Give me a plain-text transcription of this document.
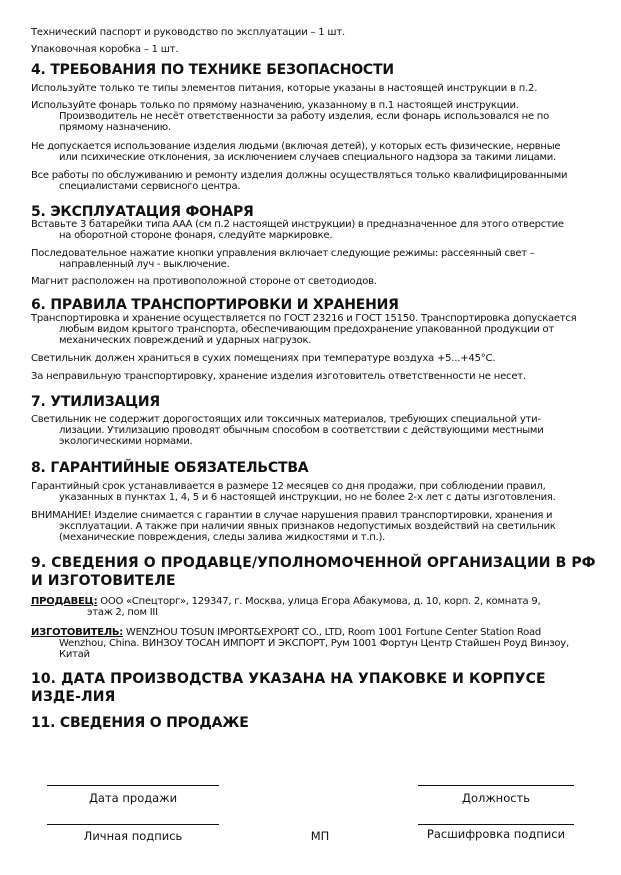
Технический паспорт и руководство по эксплуатации – 1 шт.
Упаковочная коробка – 1 шт.
4. ТРЕБОВАНИЯ ПО ТЕХНИКЕ БЕЗОПАСНОСТИ
Используйте только те типы элементов питания, которые указаны в настоящей инструкции в п.2.
Используйте фонарь только по прямому назначению, указанному в п.1 настоящей инструкции.
Производитель не несёт ответственности за работу изделия, если фонарь использовался не по прямому назначению.
Не допускается использование изделия людьми (включая детей), у которых есть физические, нервные
или психические отклонения, за исключением случаев специального надзора за такими лицами.
Все работы по обслуживанию и ремонту изделия должны осуществляться только квалифицированными
специалистами сервисного центра.
5. ЭКСПЛУАТАЦИЯ ФОНАРЯ
Вставьте 3 батарейки типа ААА (см п.2 настоящей инструкции) в предназначенное для этого отверстие
на оборотной стороне фонаря, следуйте маркировке.
Последовательное нажатие кнопки управления включает следующие режимы: рассеянный свет –
направленный луч - выключение.
Магнит расположен на противоположной стороне от светодиодов.
6. ПРАВИЛА ТРАНСПОРТИРОВКИ И ХРАНЕНИЯ
Транспортировка и хранение осуществляется по ГОСТ 23216 и ГОСТ 15150. Транспортировка допускается
любым видом крытого транспорта, обеспечивающим предохранение упакованной продукции от механических повреждений и ударных нагрузок.
Светильник должен храниться в сухих помещениях при температуре воздуха +5...+45°С.
За неправильную транспортировку, хранение изделия изготовитель ответственности не несет.
7. УТИЛИЗАЦИЯ
Светильник не содержит дорогостоящих или токсичных материалов, требующих специальной ути-
лизации. Утилизацию проводят обычным способом в соответствии с действующими местными экологическими нормами.
8. ГАРАНТИЙНЫЕ ОБЯЗАТЕЛЬСТВА
Гарантийный срок устанавливается в размере 12 месяцев со дня продажи, при соблюдении правил,
указанных в пунктах 1, 4, 5 и 6 настоящей инструкции, но не более 2-х лет с даты изготовления.
ВНИМАНИЕ! Изделие снимается с гарантии в случае нарушения правил транспортировки, хранения и
эксплуатации. А также при наличии явных признаков недопустимых воздействий на светильник (механические повреждения, следы залива жидкостями и т.п.).
9. СВЕДЕНИЯ О ПРОДАВЦЕ/УПОЛНОМОЧЕННОЙ ОРГАНИЗАЦИИ В РФ И ИЗГОТОВИТЕЛЕ
ПРОДАВЕЦ: ООО «Спецторг», 129347, г. Москва, улица Егора Абакумова, д. 10, корп. 2, комната 9,
этаж 2, пом III
ИЗГОТОВИТЕЛЬ: WENZHOU TOSUN IMPORT&EXPORT CO., LTD, Room 1001 Fortune Center Station Road
Wenzhou, China. ВИНЗОУ ТОСАН ИМПОРТ И ЭКСПОРТ, Рум 1001 Фортун Центр Стайшен Роуд Винзоу, Китай
10. ДАТА ПРОИЗВОДСТВА УКАЗАНА НА УПАКОВКЕ И КОРПУСЕ ИЗДЕ-ЛИЯ
11. СВЕДЕНИЯ О ПРОДАЖЕ
Дата продажи	Должность
Личная подпись	МП	Расшифровка подписи
